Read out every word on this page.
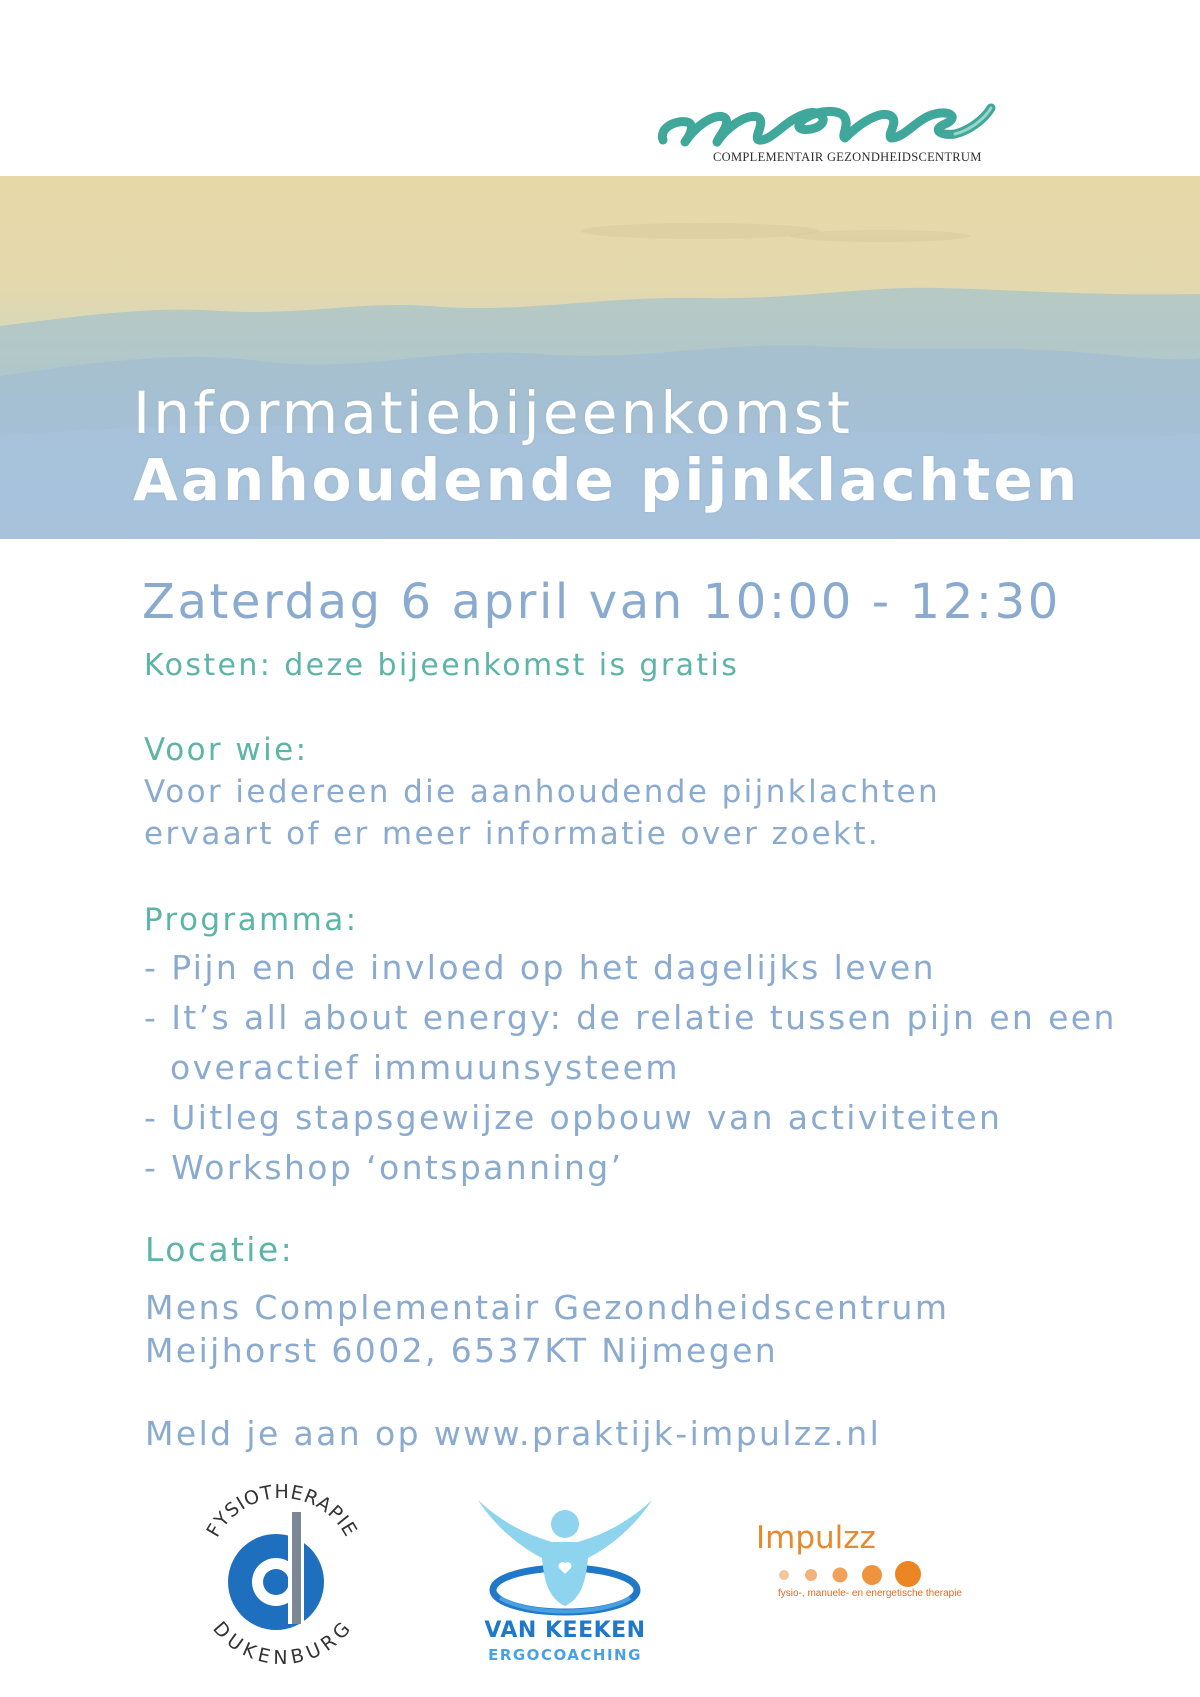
COMPLEMENTAIR GEZONDHEIDSCENTRUM
Informatiebijeenkomst
Aanhoudende pijnklachten
Zaterdag 6 april van 10:00 - 12:30
Kosten: deze bijeenkomst is gratis
Voor wie:
Voor iedereen die aanhoudende pijnklachten
ervaart of er meer informatie over zoekt.
Programma:
- Pijn en de invloed op het dagelijks leven
- It’s all about energy: de relatie tussen pijn en een
overactief immuunsysteem
- Uitleg stapsgewijze opbouw van activiteiten
- Workshop ‘ontspanning’
Locatie:
Mens Complementair Gezondheidscentrum
Meijhorst 6002, 6537KT Nijmegen
Meld je aan op www.praktijk-impulzz.nl
FYSIOTHERAPIE
DUKENBURG	VAN KEEKEN
ERGOCOACHING
Impulzz
fysio-, manuele- en energetische therapie
